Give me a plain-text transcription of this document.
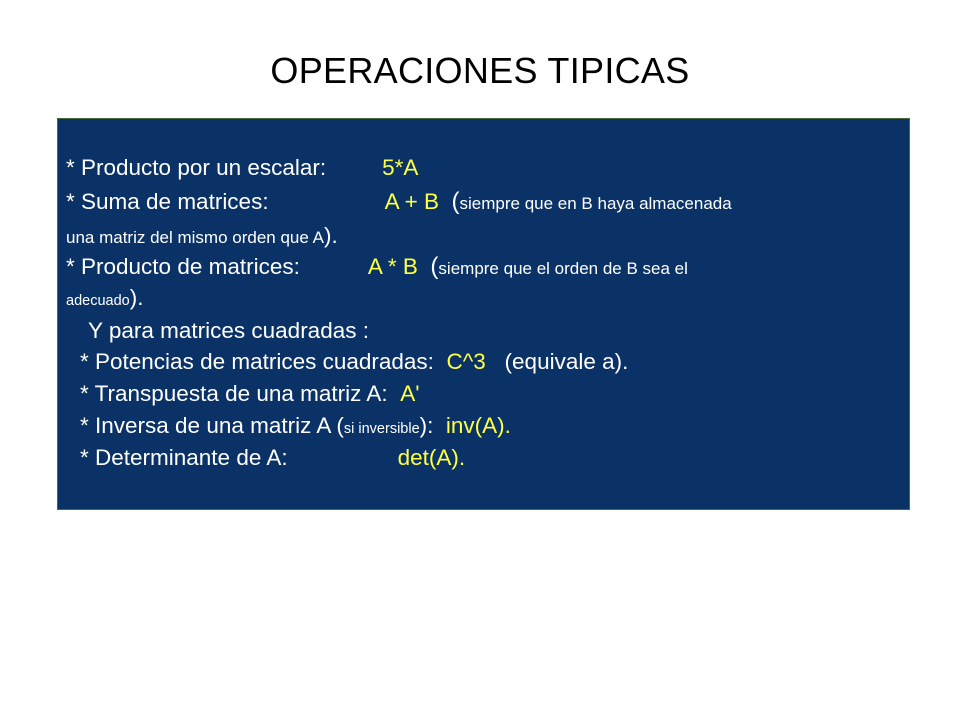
OPERACIONES TIPICAS
* Producto por un escalar: 5*A
* Suma de matrices:	A + B (siempre que en B haya almacenada
una matriz del mismo orden que A).
* Producto de matrices:	A * B (siempre que el orden de B sea el
adecuado).
Y para matrices cuadradas :
* Potencias de matrices cuadradas: C^3 (equivale a).
* Transpuesta de una matriz A: A'
* Inversa de una matriz A (si inversible): inv(A).
* Determinante de A:	det(A).
